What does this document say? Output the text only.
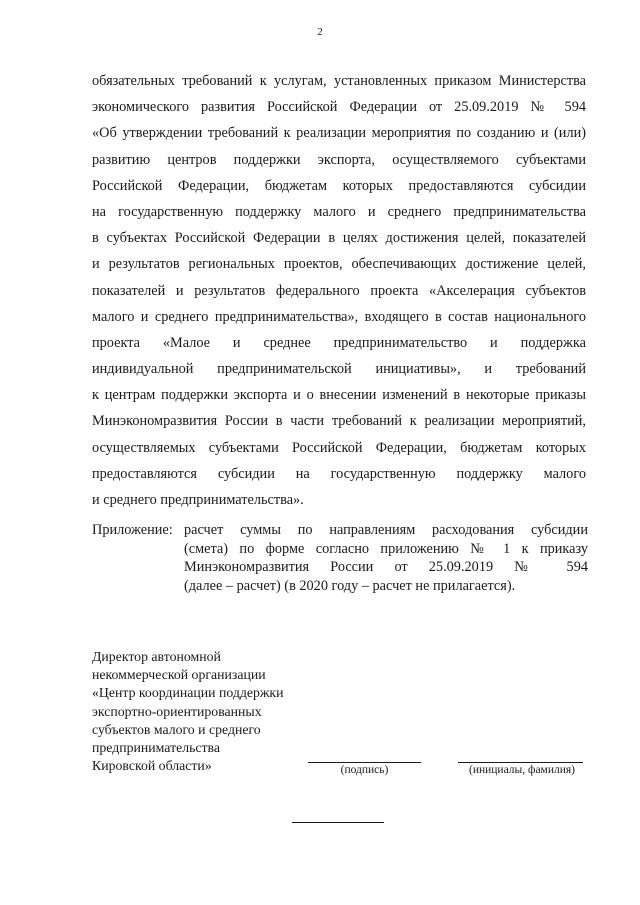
2
обязательных требований к услугам, установленных приказом Министерства
экономического развития Российской Федерации от 25.09.2019 № 594
«Об утверждении требований к реализации мероприятия по созданию и (или)
развитию центров поддержки экспорта, осуществляемого субъектами
Российской Федерации, бюджетам которых предоставляются субсидии
на государственную поддержку малого и среднего предпринимательства
в субъектах Российской Федерации в целях достижения целей, показателей
и результатов региональных проектов, обеспечивающих достижение целей,
показателей и результатов федерального проекта «Акселерация субъектов
малого и среднего предпринимательства», входящего в состав национального
проекта «Малое и среднее предпринимательство и поддержка
индивидуальной предпринимательской инициативы», и требований
к центрам поддержки экспорта и о внесении изменений в некоторые приказы
Минэкономразвития России в части требований к реализации мероприятий,
осуществляемых субъектами Российской Федерации, бюджетам которых
предоставляются субсидии на государственную поддержку малого
и среднего предпринимательства».
Приложение: расчет суммы по направлениям расходования субсидии
(смета) по форме согласно приложению № 1 к приказу
Минэкономразвития России от 25.09.2019 № 594
(далее – расчет) (в 2020 году – расчет не прилагается).
Директор автономной
некоммерческой организации
«Центр координации поддержки
экспортно-ориентированных
субъектов малого и среднего
предпринимательства
Кировской области»	(подпись)	(инициалы, фамилия)
